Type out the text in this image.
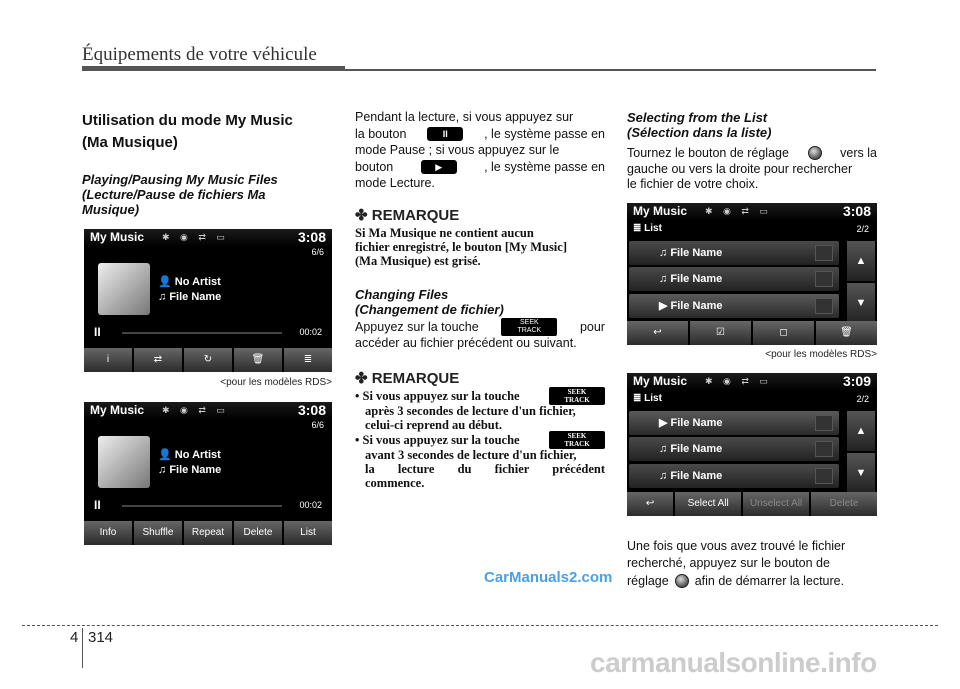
Équipements de votre véhicule
Utilisation du mode My Music
(Ma Musique)
Playing/Pausing My Music Files
(Lecture/Pause de fichiers Ma
Musique)
My Music ✱ ◉ ⇄ ▭	3:08
6/6
👤 No Artist
♫ File Name
II	00:02
i	⇄	↻	🗑	≣
<pour les modèles RDS>
My Music ✱ ◉ ⇄ ▭	3:08
6/6
👤 No Artist
♫ File Name
II	00:02
Info	Shuffle	Repeat	Delete	List
Pendant la lecture, si vous appuyez sur
la bouton	II	, le système passe en
mode Pause ; si vous appuyez sur le
bouton	▶	, le système passe en
mode Lecture.
✤ REMARQUE
Si Ma Musique ne contient aucun
fichier enregistré, le bouton [My Music]
(Ma Musique) est grisé.
Changing Files
(Changement de fichier)
Appuyez sur la touche	SEEK
TRACK	pour
accéder au fichier précédent ou suivant.
✤ REMARQUE
• Si vous appuyez sur la touche	SEEK
TRACK
après 3 secondes de lecture d'un fichier,
celui-ci reprend au début.
• Si vous appuyez sur la touche	SEEK
TRACK
avant 3 secondes de lecture d'un fichier,
la lecture du fichier précédent
commence.
Selecting from the List
(Sélection dans la liste)
Tournez le bouton de réglage	vers la
gauche ou vers la droite pour rechercher
le fichier de votre choix.
My Music ✱ ◉ ⇄ ▭	3:08
≣ List	2/2
♫ File Name
♫ File Name
▶ File Name
▲
▼
↩	☑	◻	🗑
<pour les modèles RDS>
My Music ✱ ◉ ⇄ ▭	3:09
≣ List	2/2
▶ File Name
♫ File Name
♫ File Name
▲
▼
↩	Select All	Unselect All	Delete
Une fois que vous avez trouvé le fichier
recherché, appuyez sur le bouton de
réglage afin de démarrer la lecture.
CarManuals2.com
4 314
carmanualsonline.info
